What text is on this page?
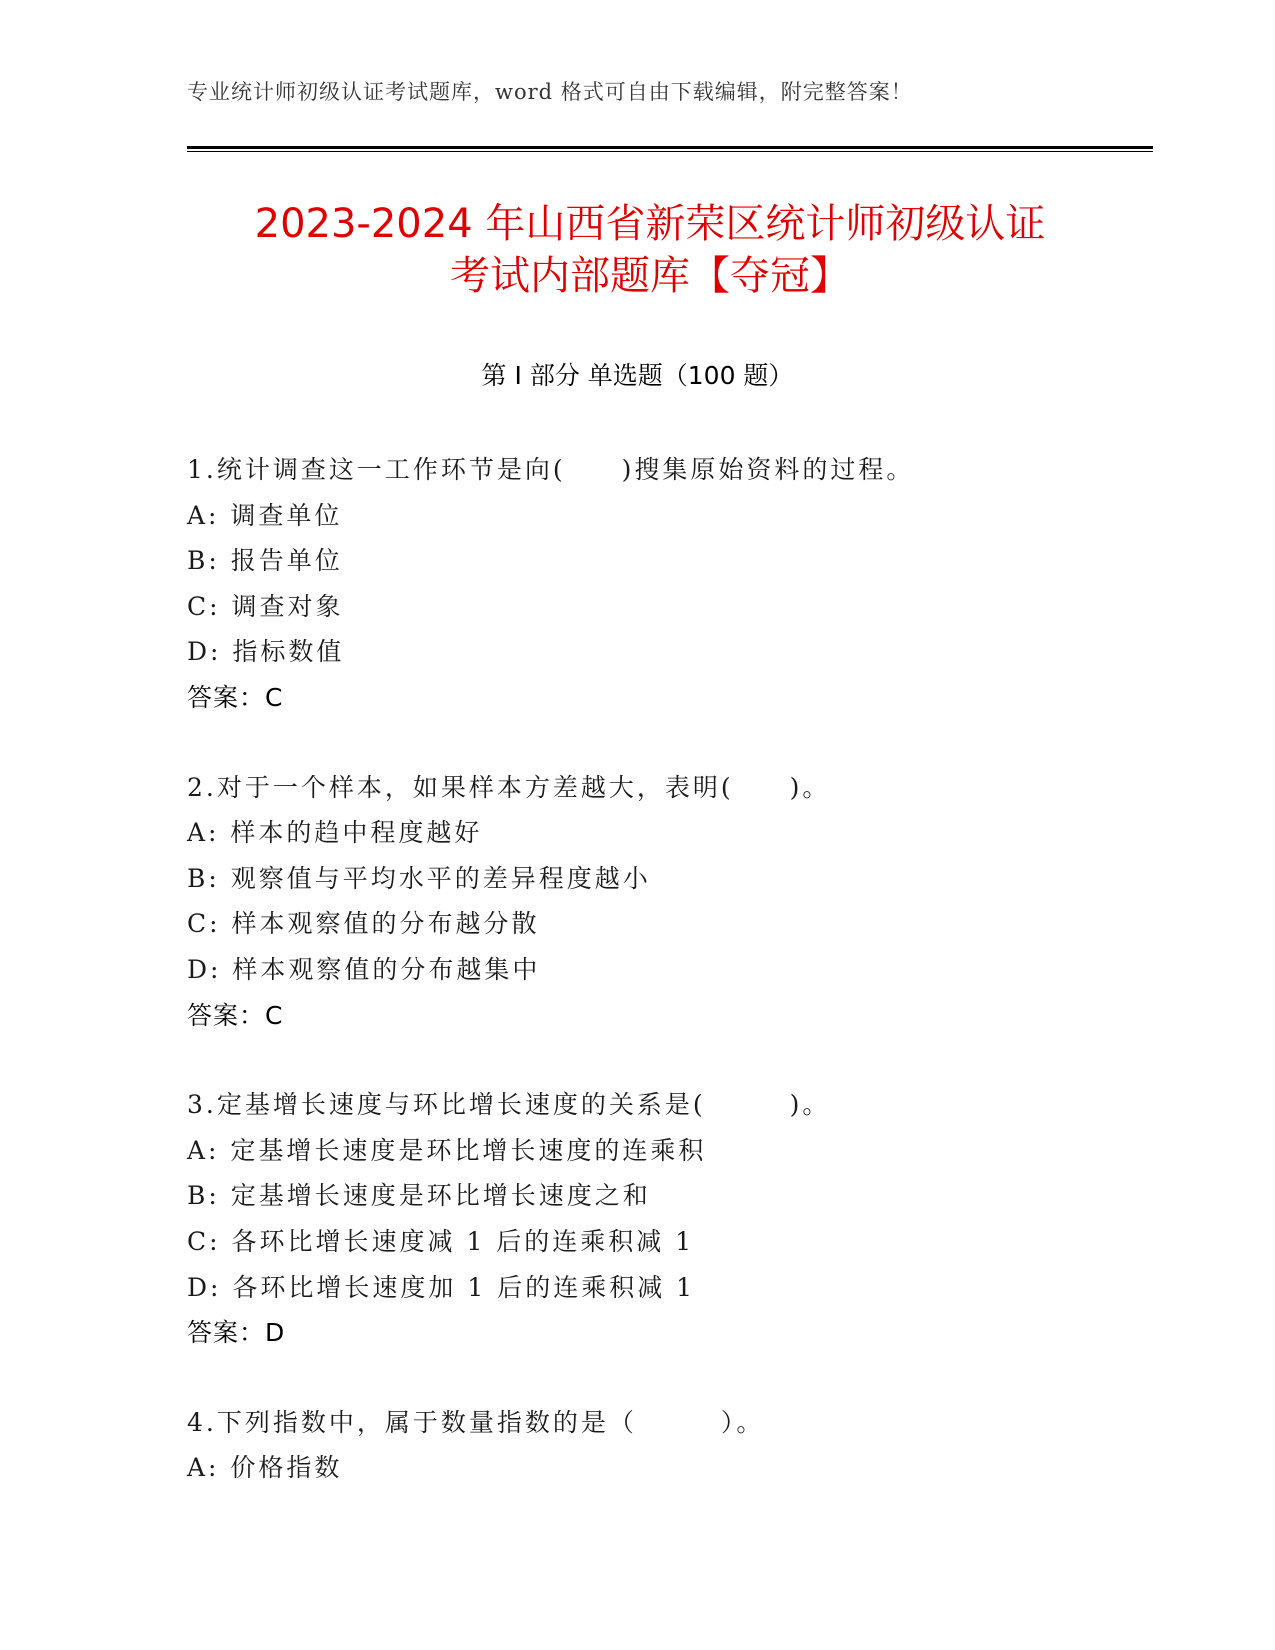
专业统计师初级认证考试题库，word 格式可自由下载编辑，附完整答案！
2023-2024 年山西省新荣区统计师初级认证
考试内部题库【夺冠】
第 I 部分 单选题（100 题）
1.统计调查这一工作环节是向(　　)搜集原始资料的过程。
A: 调查单位
B: 报告单位
C: 调查对象
D: 指标数值
答案：C
2.对于一个样本，如果样本方差越大，表明(　　)。
A: 样本的趋中程度越好
B: 观察值与平均水平的差异程度越小
C: 样本观察值的分布越分散
D: 样本观察值的分布越集中
答案：C
3.定基增长速度与环比增长速度的关系是(　　　)。
A: 定基增长速度是环比增长速度的连乘积
B: 定基增长速度是环比增长速度之和
C: 各环比增长速度减 1 后的连乘积减 1
D: 各环比增长速度加 1 后的连乘积减 1
答案：D
4.下列指数中，属于数量指数的是（　　　）。
A: 价格指数
